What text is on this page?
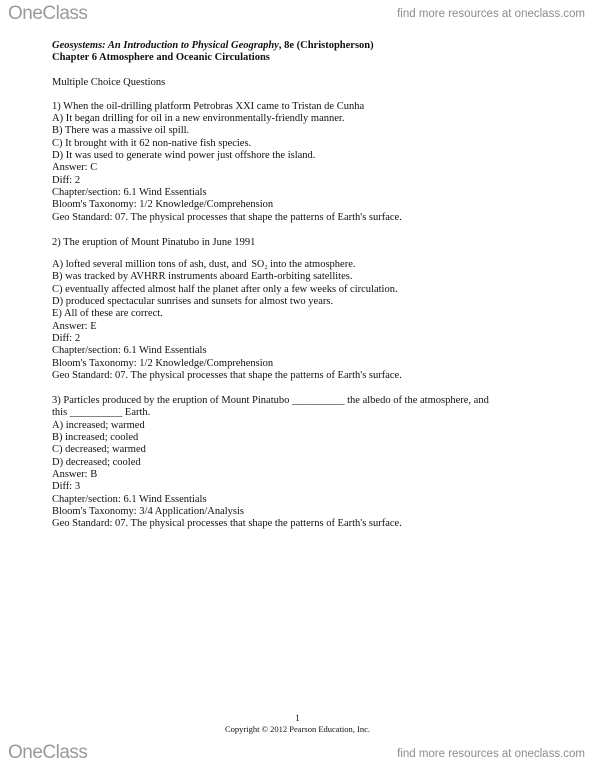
OneClass	find more resources at oneclass.com

Geosystems: An Introduction to Physical Geography, 8e (Christopherson)

Chapter 6 Atmosphere and Oceanic Circulations

Multiple Choice Questions

1) When the oil-drilling platform Petrobras XXI came to Tristan de Cunha

A) It began drilling for oil in a new environmentally-friendly manner.

B) There was a massive oil spill.

C) It brought with it 62 non-native fish species.

D) It was used to generate wind power just offshore the island.

Answer: C

Diff: 2

Chapter/section: 6.1 Wind Essentials

Bloom's Taxonomy: 1/2 Knowledge/Comprehension

Geo Standard: 07. The physical processes that shape the patterns of Earth's surface.

2) The eruption of Mount Pinatubo in June 1991

A) lofted several million tons of ash, dust, and SO₂ into the atmosphere.

B) was tracked by AVHRR instruments aboard Earth-orbiting satellites.

C) eventually affected almost half the planet after only a few weeks of circulation.

D) produced spectacular sunrises and sunsets for almost two years.

E) All of these are correct.

Answer: E

Diff: 2

Chapter/section: 6.1 Wind Essentials

Bloom's Taxonomy: 1/2 Knowledge/Comprehension

Geo Standard: 07. The physical processes that shape the patterns of Earth's surface.

3) Particles produced by the eruption of Mount Pinatubo __________ the albedo of the atmosphere, and

this __________ Earth.

A) increased; warmed

B) increased; cooled

C) decreased; warmed

D) decreased; cooled

Answer: B

Diff: 3

Chapter/section: 6.1 Wind Essentials

Bloom's Taxonomy: 3/4 Application/Analysis

Geo Standard: 07. The physical processes that shape the patterns of Earth's surface.

1
Copyright © 2012 Pearson Education, Inc.
OneClass	find more resources at oneclass.com
